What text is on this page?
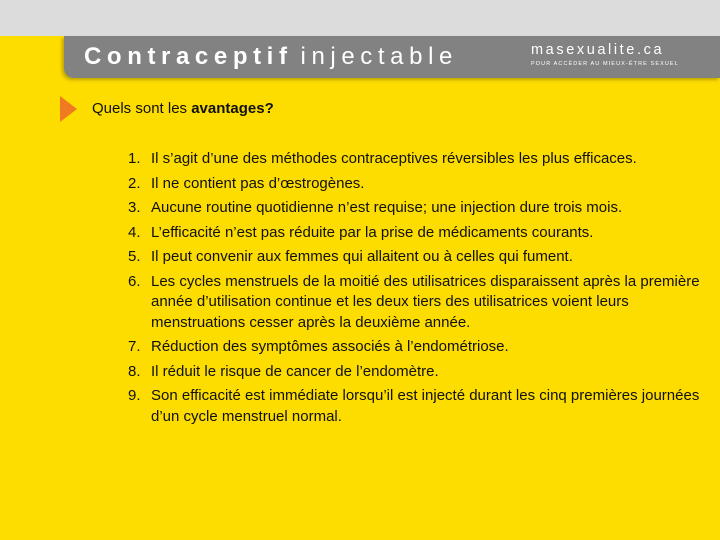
Contraceptif injectable	masexualite.ca
POUR ACCÉDER AU MIEUX-ÊTRE SEXUEL
Quels sont les avantages?
1. Il s’agit d’une des méthodes contraceptives réversibles les plus efficaces.
2. Il ne contient pas d’œstrogènes.
3. Aucune routine quotidienne n’est requise; une injection dure trois mois.
4. L’efficacité n’est pas réduite par la prise de médicaments courants.
5. Il peut convenir aux femmes qui allaitent ou à celles qui fument.
6. Les cycles menstruels de la moitié des utilisatrices disparaissent après la première année d’utilisation continue et les deux tiers des utilisatrices voient leurs menstruations cesser après la deuxième année.
7. Réduction des symptômes associés à l’endométriose.
8. Il réduit le risque de cancer de l’endomètre.
9. Son efficacité est immédiate lorsqu’il est injecté durant les cinq premières journées d’un cycle menstruel normal.
